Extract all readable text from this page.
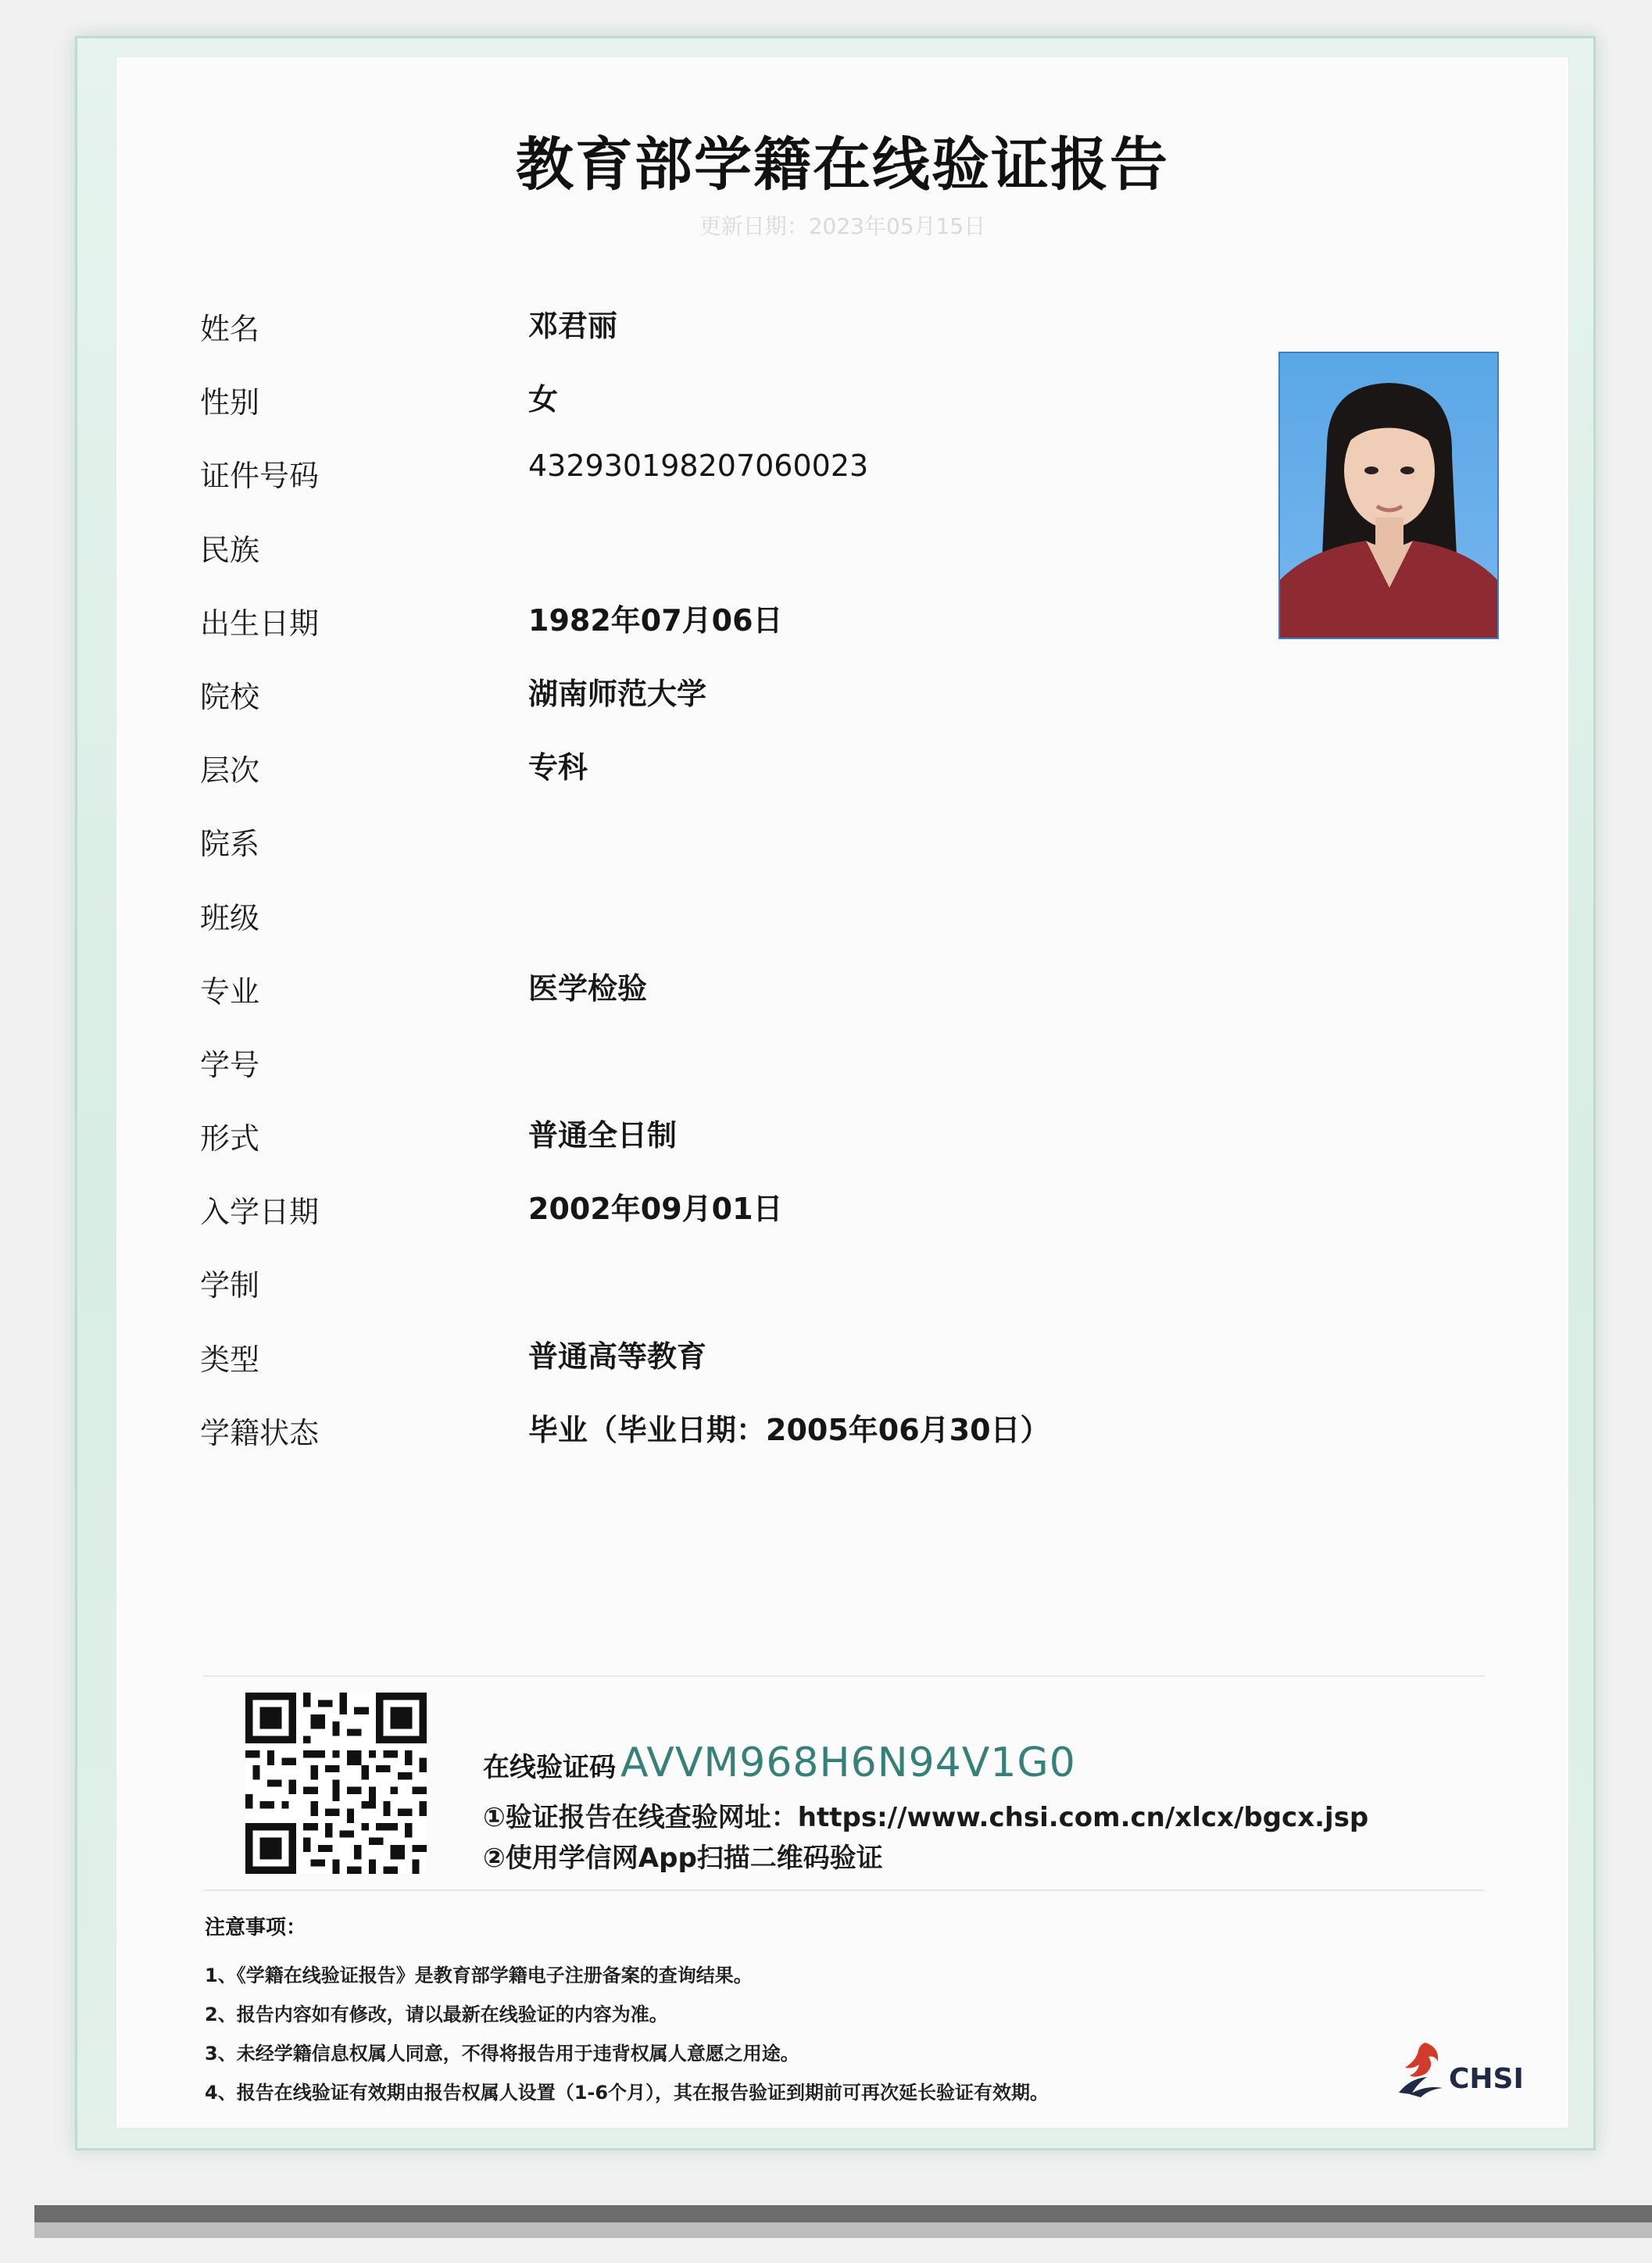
教育部学籍在线验证报告
更新日期：2023年05月15日
姓名	邓君丽
性别	女
证件号码	432930198207060023
民族
出生日期	1982年07月06日
院校	湖南师范大学
层次	专科
院系
班级
专业	医学检验
学号
形式	普通全日制
入学日期	2002年09月01日
学制
类型	普通高等教育
学籍状态	毕业（毕业日期：2005年06月30日）
在线验证码 AVVM968H6N94V1G0
①验证报告在线查验网址：https://www.chsi.com.cn/xlcx/bgcx.jsp
②使用学信网App扫描二维码验证
注意事项：
1、《学籍在线验证报告》是教育部学籍电子注册备案的查询结果。
2、报告内容如有修改，请以最新在线验证的内容为准。
3、未经学籍信息权属人同意，不得将报告用于违背权属人意愿之用途。
4、报告在线验证有效期由报告权属人设置（1-6个月），其在报告验证到期前可再次延长验证有效期。	CHSI
